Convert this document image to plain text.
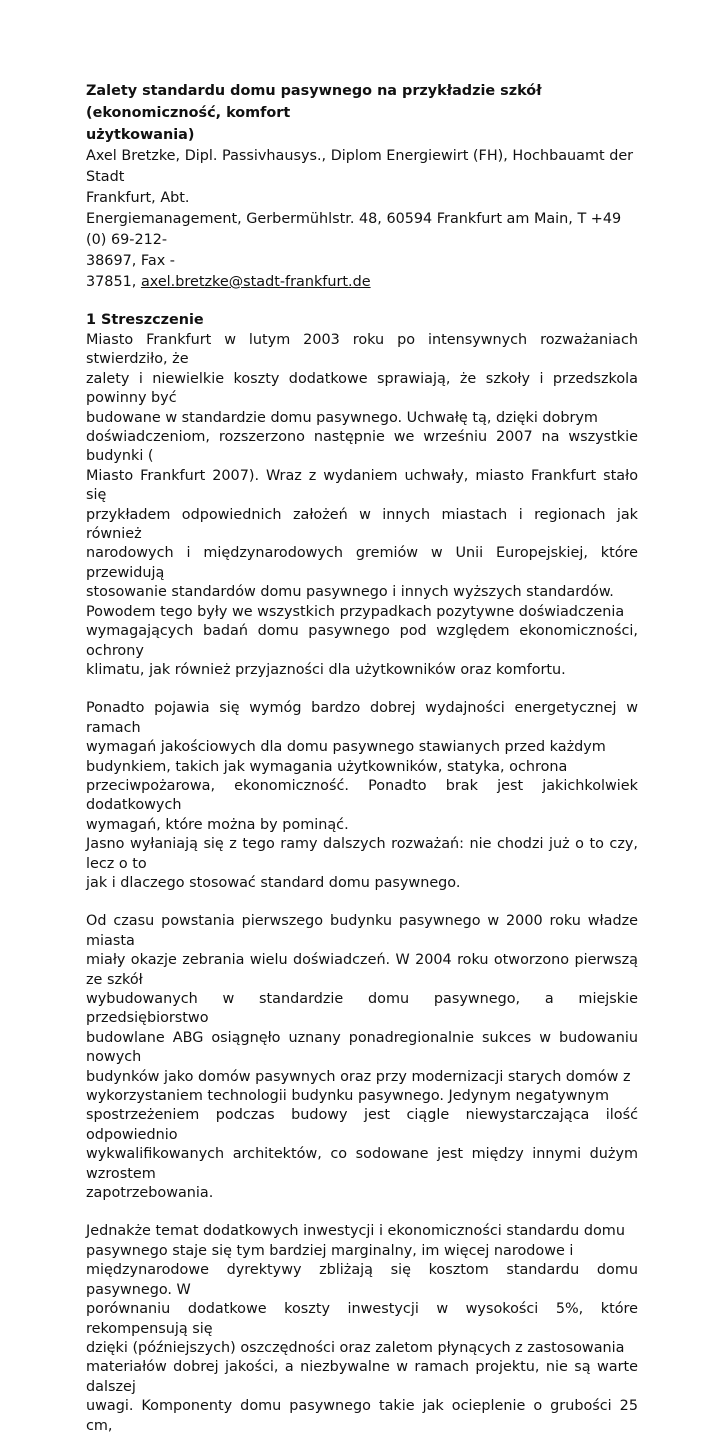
Zalety standardu domu pasywnego na przykładzie szkół (ekonomiczność, komfort
użytkowania)
Axel Bretzke, Dipl. Passivhausys., Diplom Energiewirt (FH), Hochbauamt der Stadt
Frankfurt, Abt.
Energiemanagement, Gerbermühlstr. 48, 60594 Frankfurt am Main, T +49 (0) 69-212-
38697, Fax -
37851, axel.bretzke@stadt-frankfurt.de
1 Streszczenie
Miasto Frankfurt w lutym 2003 roku po intensywnych rozważaniach stwierdziło, że
zalety i niewielkie koszty dodatkowe sprawiają, że szkoły i przedszkola powinny być
budowane w standardzie domu pasywnego. Uchwałę tą, dzięki dobrym
doświadczeniom, rozszerzono następnie we wrześniu 2007 na wszystkie budynki (
Miasto Frankfurt 2007). Wraz z wydaniem uchwały, miasto Frankfurt stało się
przykładem odpowiednich założeń w innych miastach i regionach jak również
narodowych i międzynarodowych gremiów w Unii Europejskiej, które przewidują
stosowanie standardów domu pasywnego i innych wyższych standardów.
Powodem tego były we wszystkich przypadkach pozytywne doświadczenia
wymagających badań domu pasywnego pod względem ekonomiczności, ochrony
klimatu, jak również przyjazności dla użytkowników oraz komfortu.
Ponadto pojawia się wymóg bardzo dobrej wydajności energetycznej w ramach
wymagań jakościowych dla domu pasywnego stawianych przed każdym
budynkiem, takich jak wymagania użytkowników, statyka, ochrona
przeciwpożarowa, ekonomiczność. Ponadto brak jest jakichkolwiek dodatkowych
wymagań, które można by pominąć.
Jasno wyłaniają się z tego ramy dalszych rozważań: nie chodzi już o to czy, lecz o to
jak i dlaczego stosować standard domu pasywnego.
Od czasu powstania pierwszego budynku pasywnego w 2000 roku władze miasta
miały okazje zebrania wielu doświadczeń. W 2004 roku otworzono pierwszą ze szkół
wybudowanych w standardzie domu pasywnego, a miejskie przedsiębiorstwo
budowlane ABG osiągnęło uznany ponadregionalnie sukces w budowaniu nowych
budynków jako domów pasywnych oraz przy modernizacji starych domów z
wykorzystaniem technologii budynku pasywnego. Jedynym negatywnym
spostrzeżeniem podczas budowy jest ciągle niewystarczająca ilość odpowiednio
wykwalifikowanych architektów, co sodowane jest między innymi dużym wzrostem
zapotrzebowania.
Jednakże temat dodatkowych inwestycji i ekonomiczności standardu domu
pasywnego staje się tym bardziej marginalny, im więcej narodowe i
międzynarodowe dyrektywy zbliżają się kosztom standardu domu pasywnego. W
porównaniu dodatkowe koszty inwestycji w wysokości 5%, które rekompensują się
dzięki (późniejszych) oszczędności oraz zaletom płynących z zastosowania
materiałów dobrej jakości, a niezbywalne w ramach projektu, nie są warte dalszej
uwagi. Komponenty domu pasywnego takie jak ocieplenie o grubości 25 cm,
